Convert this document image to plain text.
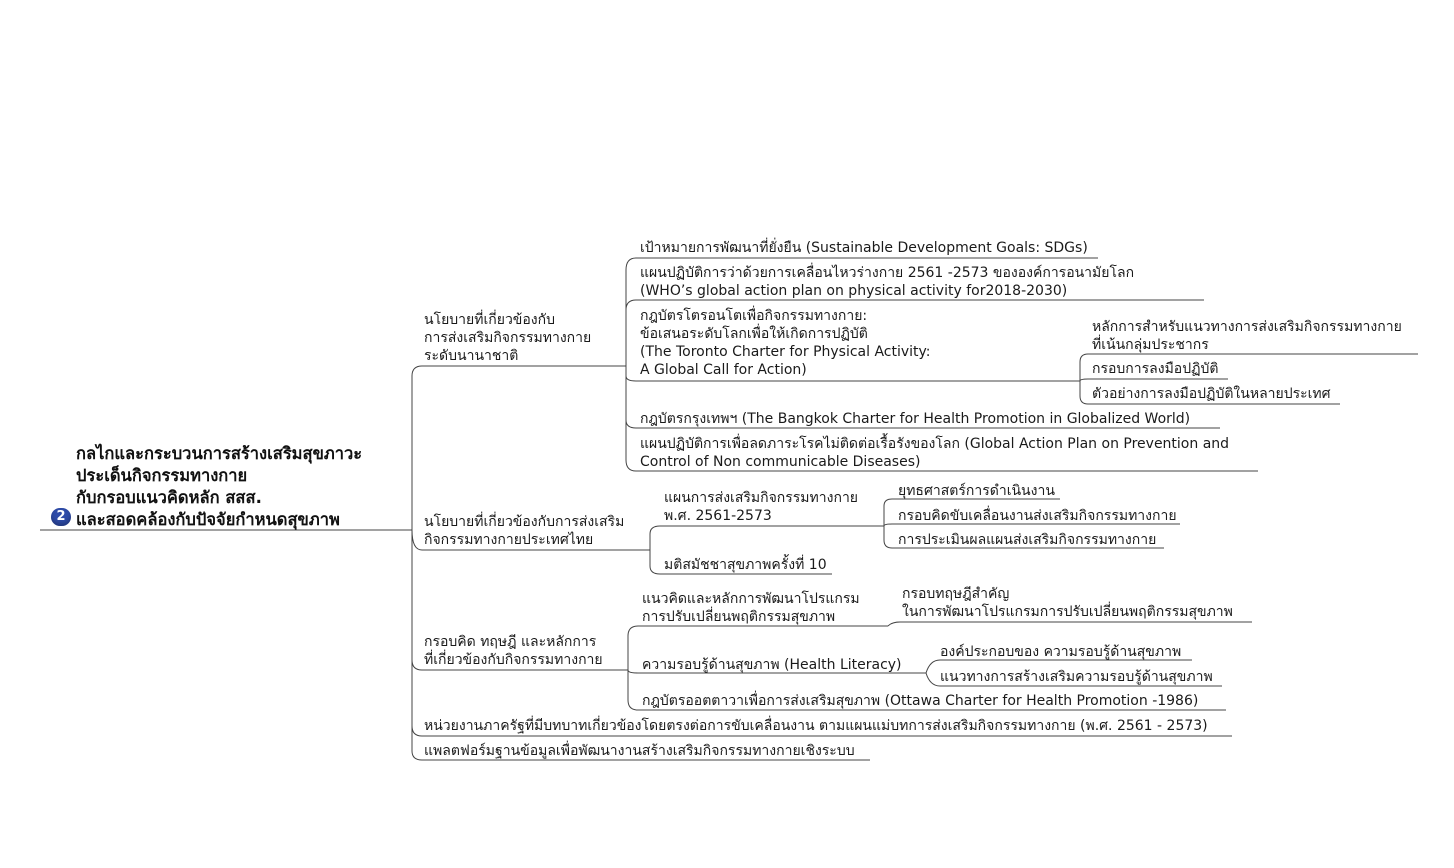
2
กลไกและกระบวนการสร้างเสริมสุขภาวะ
ประเด็นกิจกรรมทางกาย
กับกรอบแนวคิดหลัก สสส.
และสอดคล้องกับปัจจัยกำหนดสุขภาพ
นโยบายที่เกี่ยวข้องกับ
การส่งเสริมกิจกรรมทางกาย
ระดับนานาชาติ
เป้าหมายการพัฒนาที่ยั่งยืน (Sustainable Development Goals: SDGs)
แผนปฏิบัติการว่าด้วยการเคลื่อนไหวร่างกาย 2561 -2573 ขององค์การอนามัยโลก
(WHO’s global action plan on physical activity for2018-2030)
กฎบัตรโตรอนโตเพื่อกิจกรรมทางกาย:
ข้อเสนอระดับโลกเพื่อให้เกิดการปฏิบัติ
(The Toronto Charter for Physical Activity:
A Global Call for Action)
หลักการสำหรับแนวทางการส่งเสริมกิจกรรมทางกาย
ที่เน้นกลุ่มประชากร
กรอบการลงมือปฏิบัติ
ตัวอย่างการลงมือปฏิบัติในหลายประเทศ
กฎบัตรกรุงเทพฯ (The Bangkok Charter for Health Promotion in Globalized World)
แผนปฏิบัติการเพื่อลดภาระโรคไม่ติดต่อเรื้อรังของโลก (Global Action Plan on Prevention and
Control of Non communicable Diseases)
นโยบายที่เกี่ยวข้องกับการส่งเสริม
กิจกรรมทางกายประเทศไทย
แผนการส่งเสริมกิจกรรมทางกาย
พ.ศ. 2561-2573
ยุทธศาสตร์การดำเนินงาน
กรอบคิดขับเคลื่อนงานส่งเสริมกิจกรรมทางกาย
การประเมินผลแผนส่งเสริมกิจกรรมทางกาย
มติสมัชชาสุขภาพครั้งที่ 10
กรอบคิด ทฤษฎี และหลักการ
ที่เกี่ยวข้องกับกิจกรรมทางกาย
แนวคิดและหลักการพัฒนาโปรแกรม
การปรับเปลี่ยนพฤติกรรมสุขภาพ
กรอบทฤษฎีสำคัญ
ในการพัฒนาโปรแกรมการปรับเปลี่ยนพฤติกรรมสุขภาพ
ความรอบรู้ด้านสุขภาพ (Health Literacy)
องค์ประกอบของ ความรอบรู้ด้านสุขภาพ
แนวทางการสร้างเสริมความรอบรู้ด้านสุขภาพ
กฎบัตรออตตาวาเพื่อการส่งเสริมสุขภาพ (Ottawa Charter for Health Promotion -1986)
หน่วยงานภาครัฐที่มีบทบาทเกี่ยวข้องโดยตรงต่อการขับเคลื่อนงาน ตามแผนแม่บทการส่งเสริมกิจกรรมทางกาย (พ.ศ. 2561 - 2573)
แพลตฟอร์มฐานข้อมูลเพื่อพัฒนางานสร้างเสริมกิจกรรมทางกายเชิงระบบ
